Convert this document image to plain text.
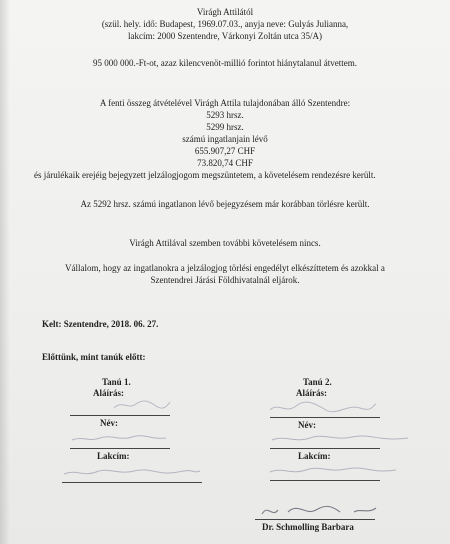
Virágh Attilától
(szül. hely. idő: Budapest, 1969.07.03., anyja neve: Gulyás Julianna,
lakcím: 2000 Szentendre, Várkonyi Zoltán utca 35/A)
95 000 000.-Ft-ot, azaz kilencvenöt-millió forintot hiánytalanul átvettem.
A fenti összeg átvételével Virágh Attila tulajdonában álló Szentendre:
5293 hrsz.
5299 hrsz.
számú ingatlanjain lévő
655.907,27 CHF
73.820,74 CHF
és járulékaik erejéig bejegyzett jelzálogjogom megszüntetem, a követelésem rendezésre került.
Az 5292 hrsz. számú ingatlanon lévő bejegyzésem már korábban törlésre került.
Virágh Attilával szemben további követelésem nincs.
Vállalom, hogy az ingatlanokra a jelzálogjog törlési engedélyt elkészíttetem és azokkal a
Szentendrei Járási Földhivatalnál eljárok.
Kelt: Szentendre, 2018. 06. 27.
Előttünk, mint tanúk előtt:
Tanú 1.
Aláírás:
Név:
Lakcím:
Tanú 2.
Aláírás:
Név:
Lakcím:
Dr. Schmolling Barbara
